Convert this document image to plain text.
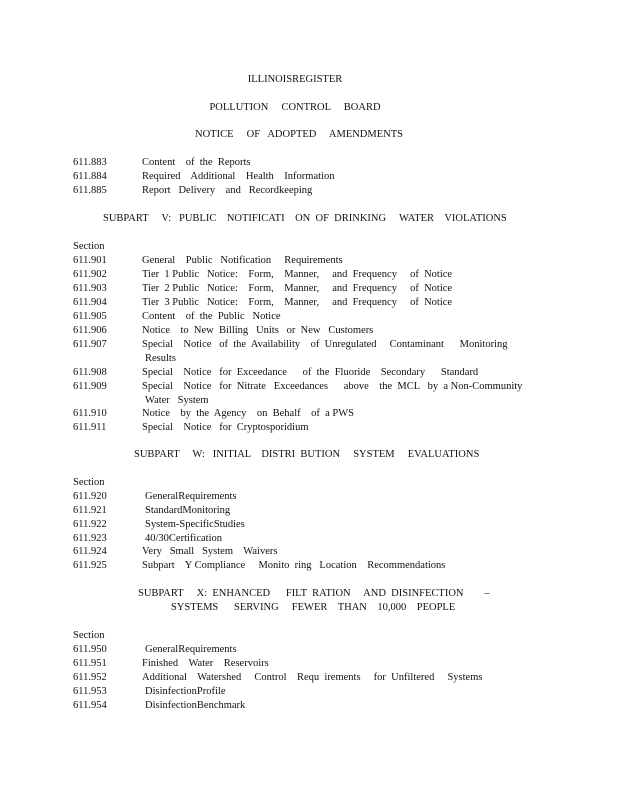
ILLINOISREGISTER
POLLUTION     CONTROL     BOARD
NOTICE     OF   ADOPTED     AMENDMENTS
611.883	Content    of  the  Reports
611.884	Required    Additional    Health    Information
611.885	Report   Delivery    and   Recordkeeping
SUBPART     V:   PUBLIC    NOTIFICATI    ON  OF  DRINKING     WATER    VIOLATIONS
Section
611.901	General    Public   Notification     Requirements
611.902	Tier  1 Public   Notice:    Form,    Manner,     and  Frequency     of  Notice
611.903	Tier  2 Public   Notice:    Form,    Manner,     and  Frequency     of  Notice
611.904	Tier  3 Public   Notice:    Form,    Manner,     and  Frequency     of  Notice
611.905	Content    of  the  Public   Notice
611.906	Notice    to  New  Billing   Units   or  New   Customers
611.907	Special    Notice   of  the  Availability    of  Unregulated     Contaminant      Monitoring
Results
611.908	Special    Notice   for  Exceedance      of  the  Fluoride    Secondary      Standard
611.909	Special    Notice   for  Nitrate   Exceedances      above    the  MCL   by  a Non-Community
Water   System
611.910	Notice    by  the  Agency    on  Behalf    of  a PWS
611.911	Special    Notice   for  Cryptosporidium
SUBPART     W:   INITIAL    DISTRI  BUTION     SYSTEM     EVALUATIONS
Section
611.920	GeneralRequirements
611.921	StandardMonitoring
611.922	System-SpecificStudies
611.923	40/30Certification
611.924	Very   Small   System    Waivers
611.925	Subpart    Y Compliance     Monito  ring   Location    Recommendations
SUBPART     X:  ENHANCED      FILT  RATION     AND  DISINFECTION        –
SYSTEMS      SERVING     FEWER    THAN    10,000    PEOPLE
Section
611.950	GeneralRequirements
611.951	Finished    Water    Reservoirs
611.952	Additional    Watershed     Control    Requ  irements     for  Unfiltered     Systems
611.953	DisinfectionProfile
611.954	DisinfectionBenchmark
